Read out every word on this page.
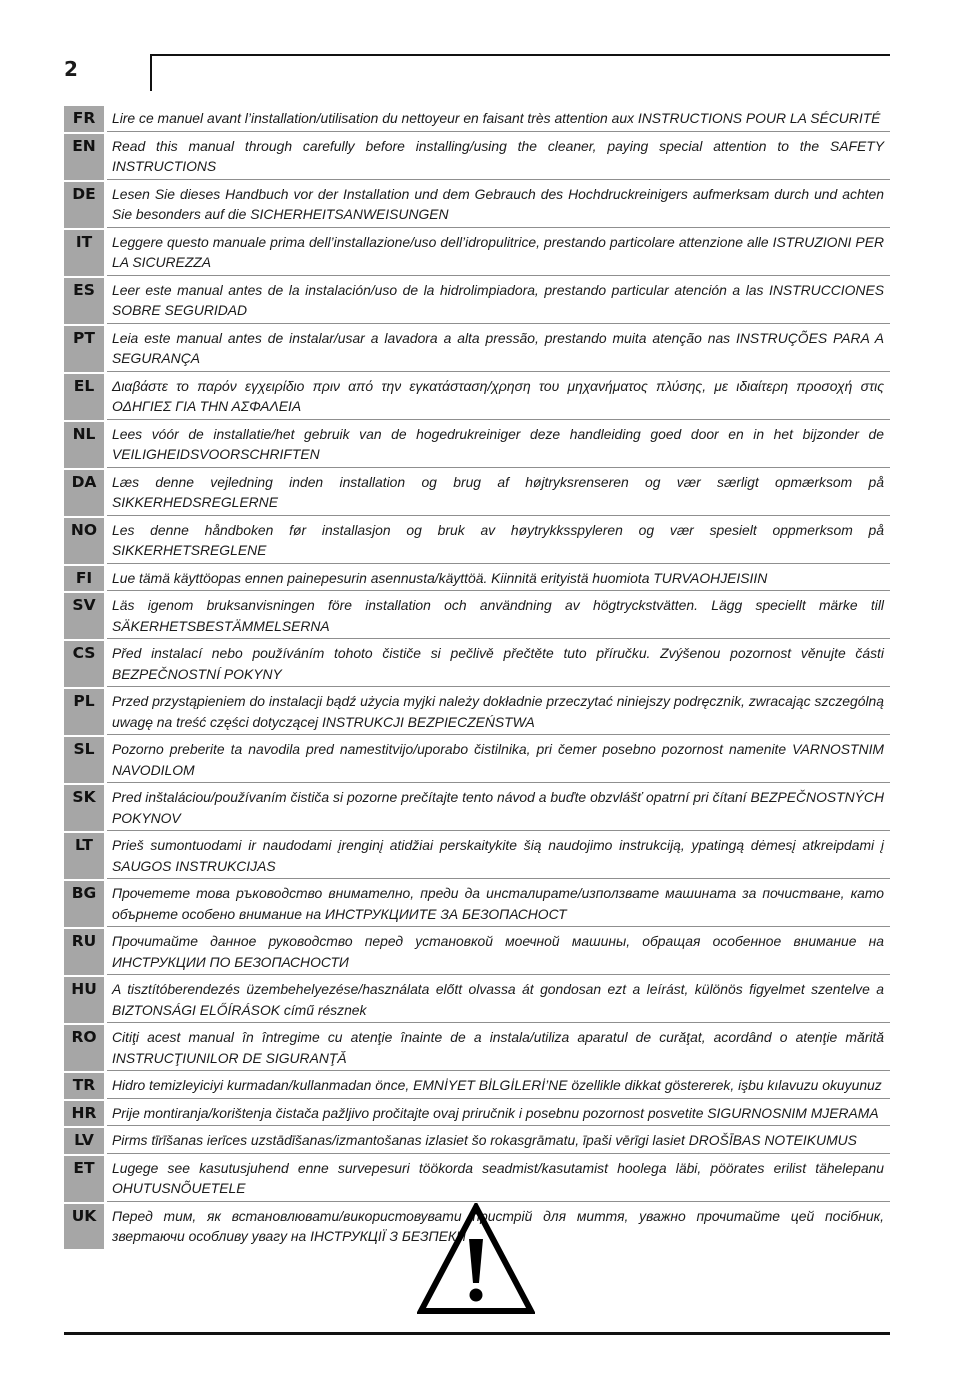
2
FR	Lire ce manuel avant l’installation/utilisation du nettoyeur en faisant très attention aux INSTRUCTIONS POUR LA SÉCURITÉ
EN	Read this manual through carefully before installing/using the cleaner, paying special attention to the SAFETY INSTRUCTIONS
DE	Lesen Sie dieses Handbuch vor der Installation und dem Gebrauch des Hochdruckreinigers aufmerksam durch und achten Sie besonders auf die SICHERHEITSANWEISUNGEN
IT	Leggere questo manuale prima dell’installazione/uso dell’idropulitrice, prestando particolare attenzione alle ISTRUZIONI PER LA SICUREZZA
ES	Leer este manual antes de la instalación/uso de la hidrolimpiadora, prestando particular atención a las INSTRUCCIONES SOBRE SEGURIDAD
PT	Leia este manual antes de instalar/usar a lavadora a alta pressão, prestando muita atenção nas INSTRUÇÕES PARA A SEGURANÇA
EL	Διαβάστε το παρόν εγχειρίδιο πριν από την εγκατάσταση/χρηση του μηχανήματος πλύσης, με ιδιαίτερη προσοχή στις ΟΔΗΓΙΕΣ ΓΙΑ ΤΗΝ ΑΣΦΑΛΕΙΑ
NL	Lees vóór de installatie/het gebruik van de hogedrukreiniger deze handleiding goed door en in het bijzonder de VEILIGHEIDSVOORSCHRIFTEN
DA	Læs denne vejledning inden installation og brug af højtryksrenseren og vær særligt opmærksom på SIKKERHEDSREGLERNE
NO	Les denne håndboken før installasjon og bruk av høytrykksspyleren og vær spesielt oppmerksom på SIKKERHETSREGLENE
FI	Lue tämä käyttöopas ennen painepesurin asennusta/käyttöä. Kiinnitä erityistä huomiota TURVAOHJEISIIN
SV	Läs igenom bruksanvisningen före installation och användning av högtryckstvätten. Lägg speciellt märke till SÄKERHETSBESTÄMMELSERNA
CS	Před instalací nebo používáním tohoto čističe si pečlivě přečtěte tuto příručku. Zvýšenou pozornost věnujte části BEZPEČNOSTNÍ POKYNY
PL	Przed przystąpieniem do instalacji bądź użycia myjki należy dokładnie przeczytać niniejszy podręcznik, zwracając szczególną uwagę na treść części dotyczącej INSTRUKCJI BEZPIECZEŃSTWA
SL	Pozorno preberite ta navodila pred namestitvijo/uporabo čistilnika, pri čemer posebno pozornost namenite VARNOSTNIM NAVODILOM
SK	Pred inštaláciou/používaním čističa si pozorne prečítajte tento návod a buďte obzvlášť opatrní pri čítaní BEZPEČNOSTNÝCH POKYNOV
LT	Prieš sumontuodami ir naudodami įrenginį atidžiai perskaitykite šią naudojimo instrukciją, ypatingą dėmesį atkreipdami į SAUGOS INSTRUKCIJAS
BG	Прочетете това ръководство внимателно, преди да инсталирате/използвате машината за почистване, като обърнете особено внимание на ИНСТРУКЦИИТЕ ЗА БЕЗОПАСНОСТ
RU	Прочитайте данное руководство перед установкой моечной машины, обращая особенное внимание на ИНСТРУКЦИИ ПО БЕЗОПАСНОСТИ
HU	A tisztítóberendezés üzembehelyezése/használata előtt olvassa át gondosan ezt a leírást, különös figyelmet szentelve a BIZTONSÁGI ELŐÍRÁSOK című résznek
RO	Citiţi acest manual în întregime cu atenţie înainte de a instala/utiliza aparatul de curăţat, acordând o atenţie mărită INSTRUCŢIUNILOR DE SIGURANŢĂ
TR	Hidro temizleyiciyi kurmadan/kullanmadan önce, EMNİYET BİLGİLERİ’NE özellikle dikkat göstererek, işbu kılavuzu okuyunuz
HR	Prije montiranja/korištenja čistača pažljivo pročitajte ovaj priručnik i posebnu pozornost posvetite SIGURNOSNIM MJERAMA
LV	Pirms tīrīšanas ierīces uzstādīšanas/izmantošanas izlasiet šo rokasgrāmatu, īpaši vērīgi lasiet DROŠĪBAS NOTEIKUMUS
ET	Lugege see kasutusjuhend enne survepesuri töökorda seadmist/kasutamist hoolega läbi, pöörates erilist tähelepanu OHUTUSNÕUETELE
UK	Перед тим, як встановлювати/використовувати пристрій для миття, уважно прочитайте цей посібник, звертаючи особливу увагу на ІНСТРУКЦІЇ З БЕЗПЕКИ
